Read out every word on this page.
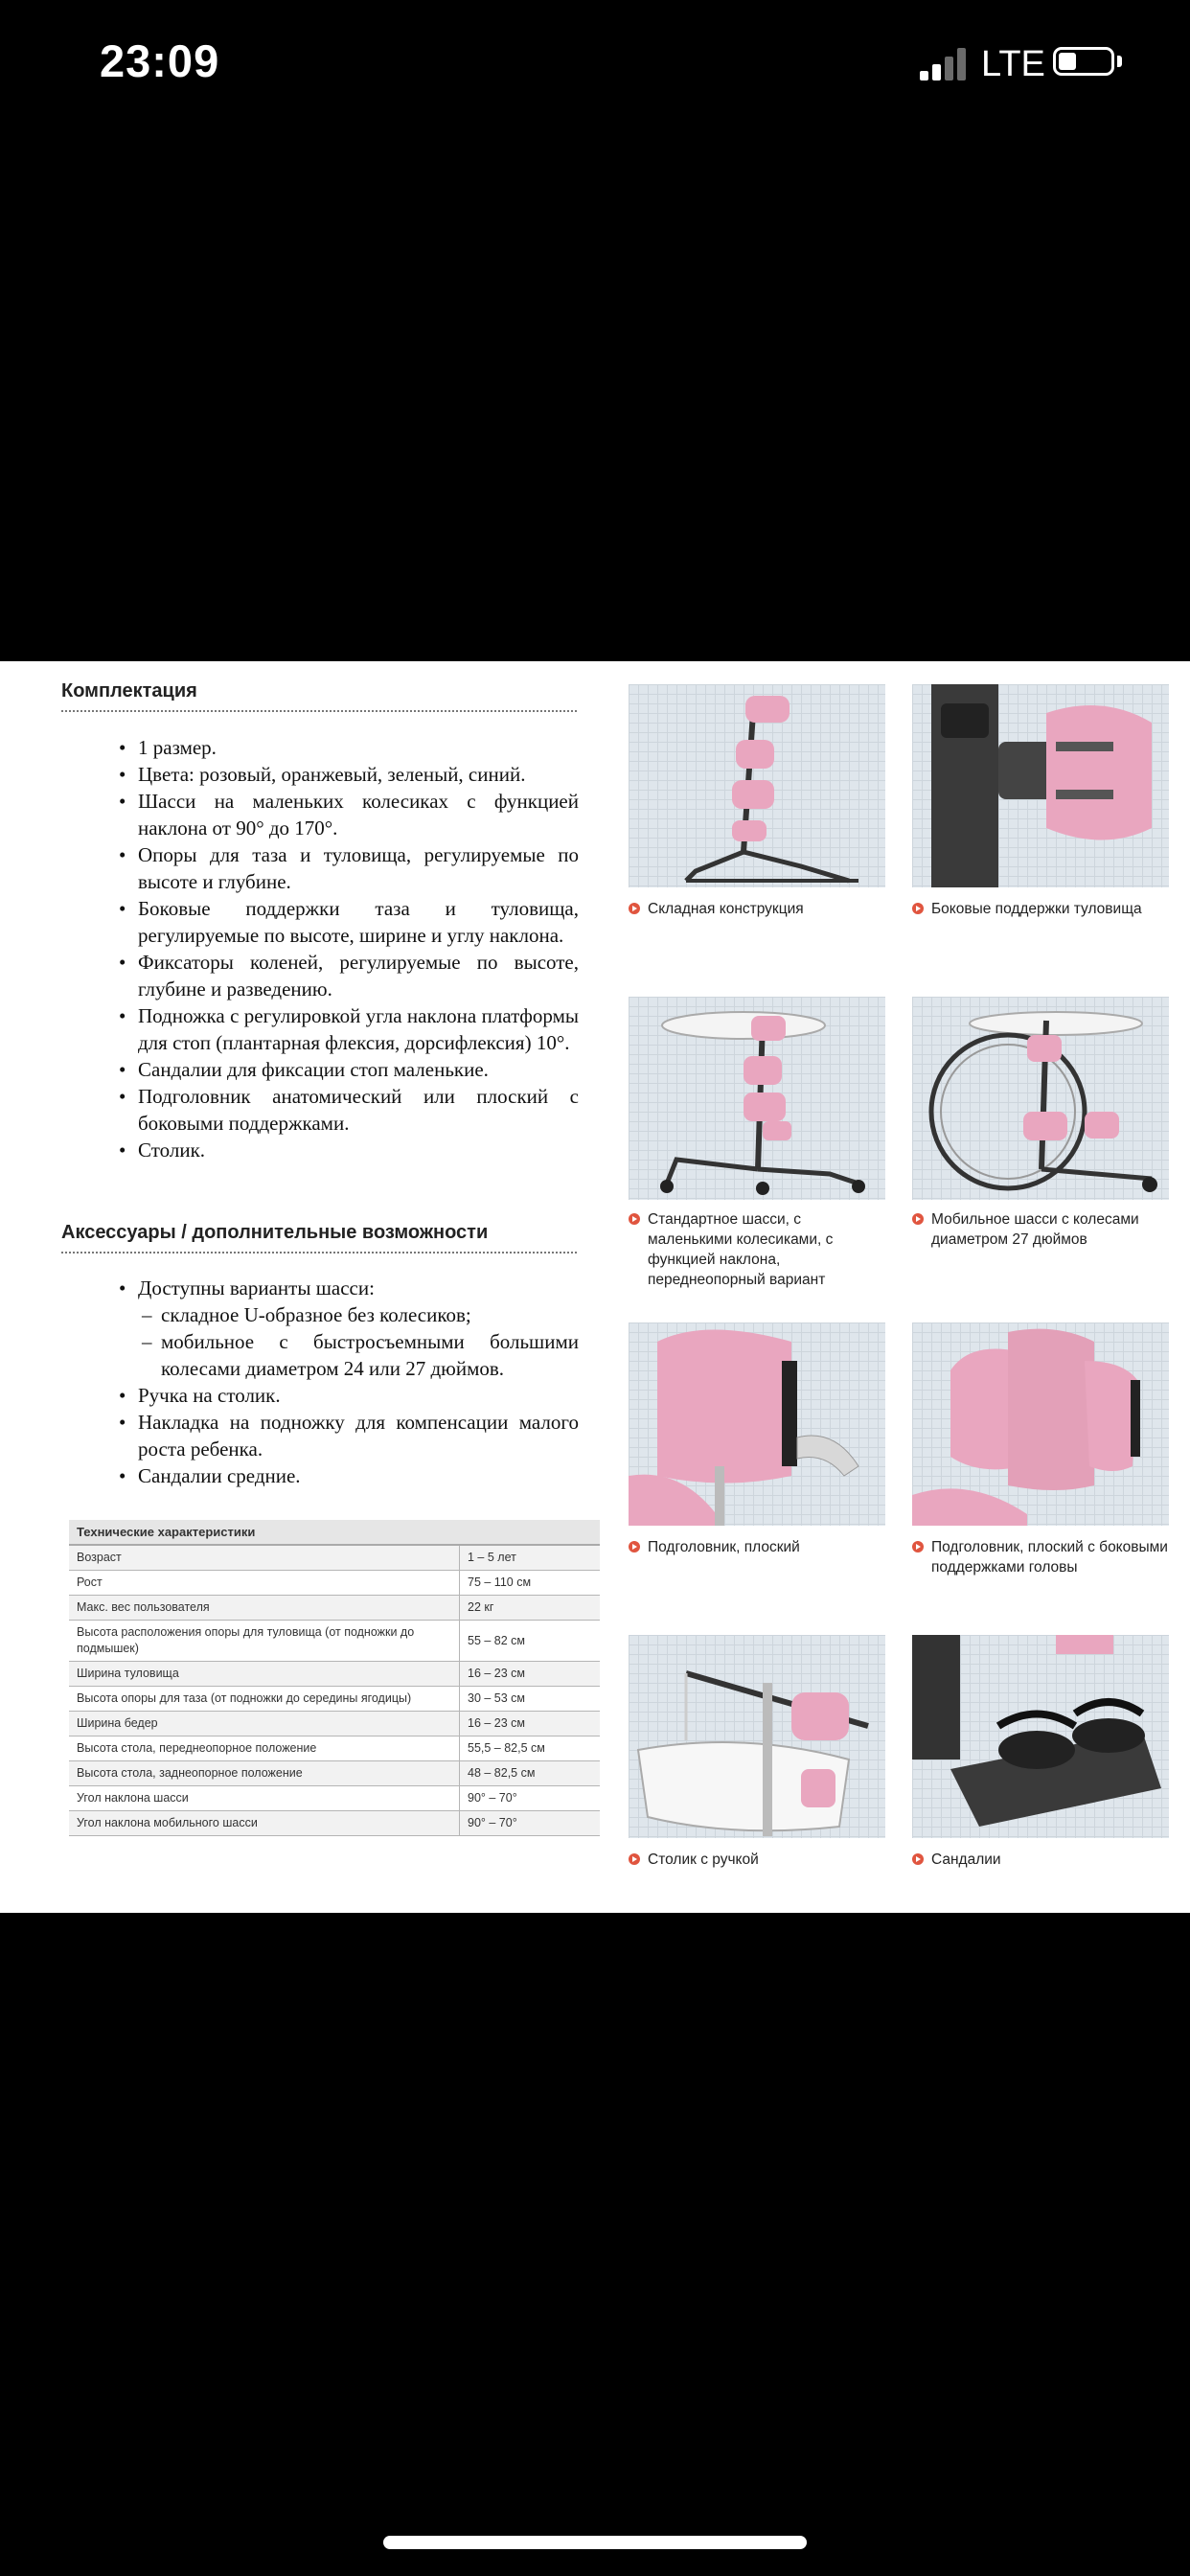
23:09	LTE
Комплектация
• 1 размер.
• Цвета: розовый, оранжевый, зеленый, синий.
• Шасси на маленьких колесиках с функцией наклона от 90° до 170°.
• Опоры для таза и туловища, регулируемые по высоте и глубине.
• Боковые поддержки таза и туловища, регулируемые по высоте, ширине и углу наклона.
• Фиксаторы коленей, регулируемые по высоте, глубине и разведению.
• Подножка с регулировкой угла наклона платформы для стоп (плантарная флексия, дорсифлексия) 10°.
• Сандалии для фиксации стоп маленькие.
• Подголовник анатомический или плоский с боковыми поддержками.
• Столик.
Аксессуары / дополнительные возможности
• Доступны варианты шасси:
– складное U-образное без колесиков;
– мобильное с быстросъемными большими колесами диаметром 24 или 27 дюймов.
• Ручка на столик.
• Накладка на подножку для компенсации малого роста ребенка.
• Сандалии средние.
Технические характеристики	
Возраст	1 – 5 лет
Рост	75 – 110 см
Макс. вес пользователя	22 кг
Высота расположения опоры для туловища (от подножки до подмышек)	55 – 82 см
Ширина туловища	16 – 23 см
Высота опоры для таза (от подножки до середины ягодицы)	30 – 53 см
Ширина бедер	16 – 23 см
Высота стола, переднеопорное положение	55,5 – 82,5 см
Высота стола, заднеопорное положение	48 – 82,5 см
Угол наклона шасси	90° – 70°
Угол наклона мобильного шасси	90° – 70°
Складная конструкция	Боковые поддержки туловища
Стандартное шасси, с маленькими колесиками, с функцией наклона, переднеопорный вариант
Мобильное шасси с колесами диаметром 27 дюймов
Подголовник, плоский	Подголовник, плоский с боковыми поддержками головы
Столик с ручкой	Сандалии
